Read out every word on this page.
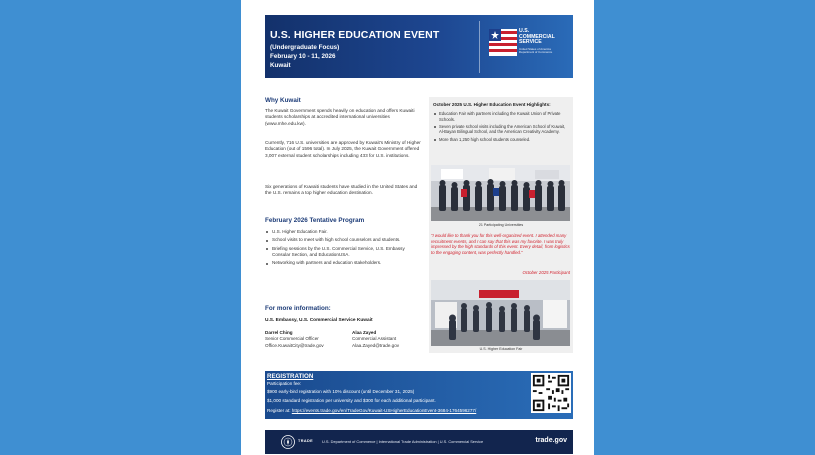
U.S. HIGHER EDUCATION EVENT
(Undergraduate Focus)
February 10 - 11, 2026
Kuwait
U.S.
COMMERCIAL
SERVICE
United States of America
Department of Commerce
Why Kuwait
The Kuwait Government spends heavily on education and offers Kuwaiti students scholarships at accredited international universities (www.mhe.edu.kw).
Currently, 716 U.S. universities are approved by Kuwait's Ministry of Higher Education (out of 1596 total). In July 2025, the Kuwait Government offered 3,007 external student scholarships including 433 for U.S. institutions.
Six generations of Kuwaiti students have studied in the United States and the U.S. remains a top higher education destination.
February 2026 Tentative Program
U.S. Higher Education Fair.
School visits to meet with high school counselors and students.
Briefing sessions by the U.S. Commercial Service, U.S. Embassy Consular Section, and EducationUSA.
Networking with partners and education stakeholders.
For more information:
U.S. Embassy, U.S. Commercial Service Kuwait
Darrel Ching
Senior Commercial Officer
Office.KuwaitCity@trade.gov
Alaa Zayed
Commercial Assistant
Alaa.Zayed@trade.gov
October 2025 U.S. Higher Education Event Highlights:
Education Fair with partners including the Kuwait Union of Private Schools.
Seven private school visits including the American School of Kuwait, Al-Bayan Bilingual School, and the American Creativity Academy.
More than 1,250 high school students counseled.
21 Participating Universities
"I would like to thank you for this well-organized event. I attended many recruitment events, and I can say that this was my favorite. I was truly impressed by the high standards of this event. Every detail, from logistics to the engaging content, was perfectly handled."
October 2025 Participant
U.S. Higher Education Fair
REGISTRATION
Participation fee:
$900 early-bird registration with 10% discount (until December 31, 2025)
$1,000 standard registration per university and $300 for each additional participant.
Register at: https://events.trade.gov/en/TradeGov/Kuwait-USHigherEducationEvent-3684-1764596277/
TRADE U.S. Department of Commerce | International Trade Administration | U.S. Commercial Service	trade.gov
